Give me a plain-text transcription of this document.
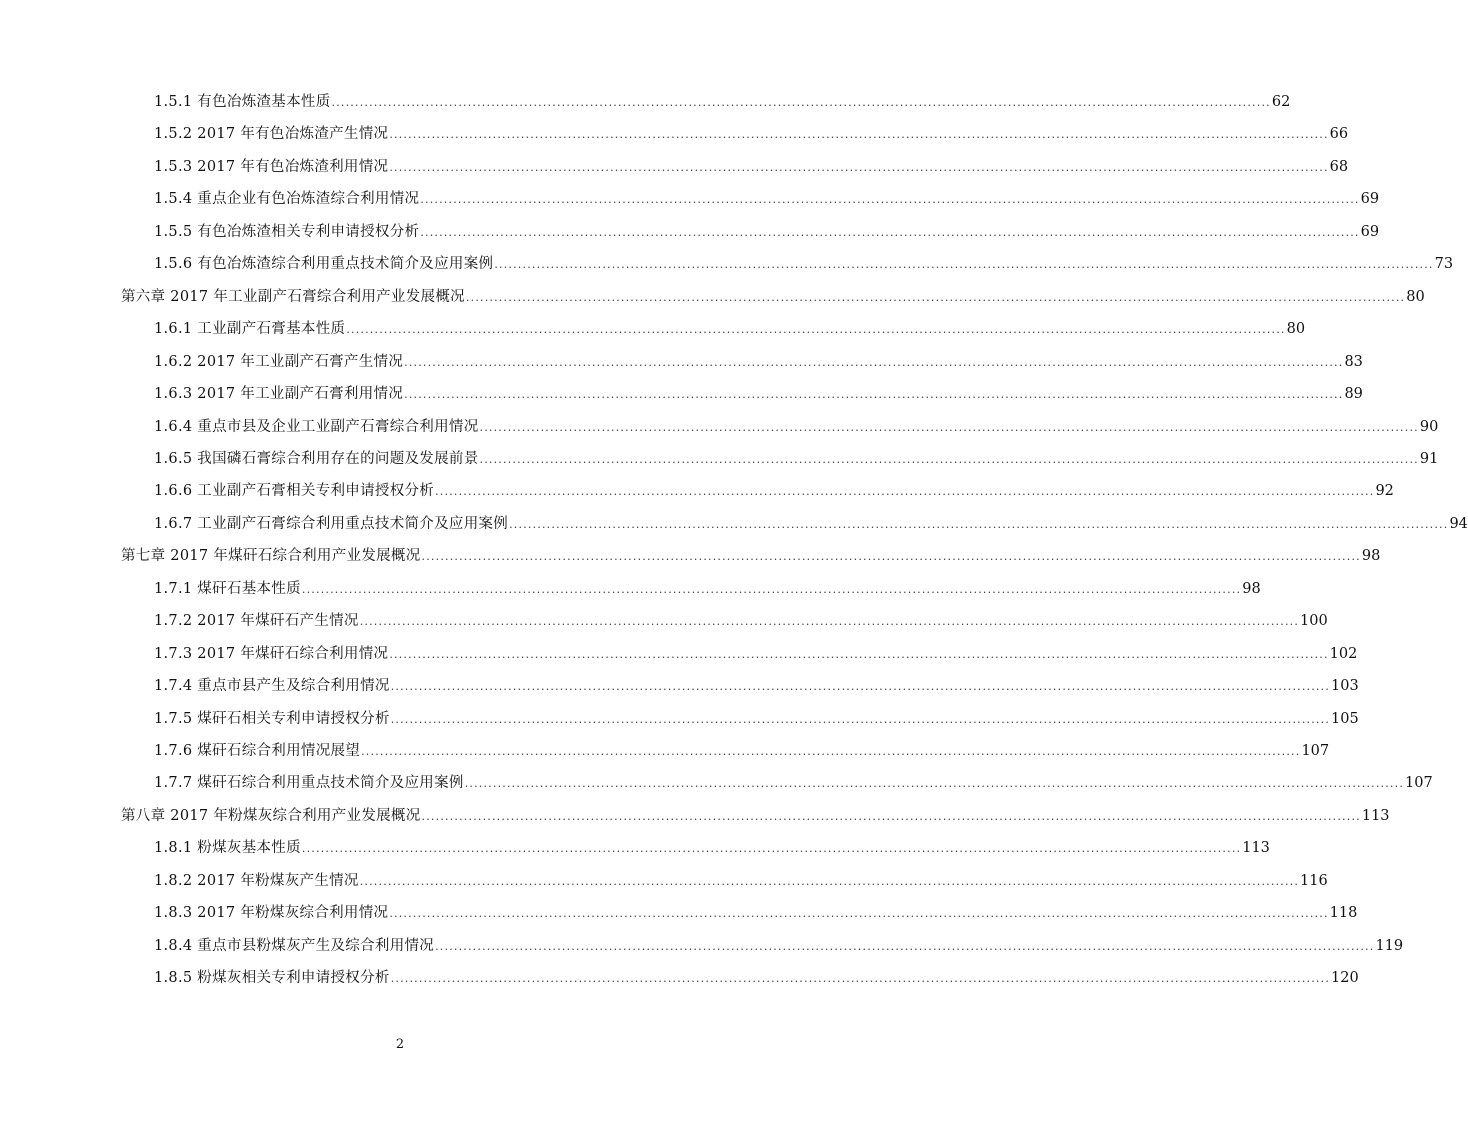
1.5.1 有色冶炼渣基本性质 ........................................................................................................................................................................................................ 62
1.5.2 2017 年有色冶炼渣产生情况 ........................................................................................................................................................................................................ 66
1.5.3 2017 年有色冶炼渣利用情况 ........................................................................................................................................................................................................ 68
1.5.4 重点企业有色冶炼渣综合利用情况 ........................................................................................................................................................................................................ 69
1.5.5 有色冶炼渣相关专利申请授权分析 ........................................................................................................................................................................................................ 69
1.5.6 有色冶炼渣综合利用重点技术简介及应用案例 ........................................................................................................................................................................................................ 73
第六章 2017 年工业副产石膏综合利用产业发展概况 ........................................................................................................................................................................................................ 80
1.6.1 工业副产石膏基本性质 ........................................................................................................................................................................................................ 80
1.6.2 2017 年工业副产石膏产生情况 ........................................................................................................................................................................................................ 83
1.6.3 2017 年工业副产石膏利用情况 ........................................................................................................................................................................................................ 89
1.6.4 重点市县及企业工业副产石膏综合利用情况 ........................................................................................................................................................................................................ 90
1.6.5 我国磷石膏综合利用存在的问题及发展前景 ........................................................................................................................................................................................................ 91
1.6.6 工业副产石膏相关专利申请授权分析 ........................................................................................................................................................................................................ 92
1.6.7 工业副产石膏综合利用重点技术简介及应用案例 ........................................................................................................................................................................................................ 94
第七章 2017 年煤矸石综合利用产业发展概况 ........................................................................................................................................................................................................ 98
1.7.1 煤矸石基本性质 ........................................................................................................................................................................................................ 98
1.7.2 2017 年煤矸石产生情况 ........................................................................................................................................................................................................ 100
1.7.3 2017 年煤矸石综合利用情况 ........................................................................................................................................................................................................ 102
1.7.4 重点市县产生及综合利用情况 ........................................................................................................................................................................................................ 103
1.7.5 煤矸石相关专利申请授权分析 ........................................................................................................................................................................................................ 105
1.7.6 煤矸石综合利用情况展望 ........................................................................................................................................................................................................ 107
1.7.7 煤矸石综合利用重点技术简介及应用案例 ........................................................................................................................................................................................................ 107
第八章 2017 年粉煤灰综合利用产业发展概况 ........................................................................................................................................................................................................ 113
1.8.1 粉煤灰基本性质 ........................................................................................................................................................................................................ 113
1.8.2 2017 年粉煤灰产生情况 ........................................................................................................................................................................................................ 116
1.8.3 2017 年粉煤灰综合利用情况 ........................................................................................................................................................................................................ 118
1.8.4 重点市县粉煤灰产生及综合利用情况 ........................................................................................................................................................................................................ 119
1.8.5 粉煤灰相关专利申请授权分析 ........................................................................................................................................................................................................ 120
2
